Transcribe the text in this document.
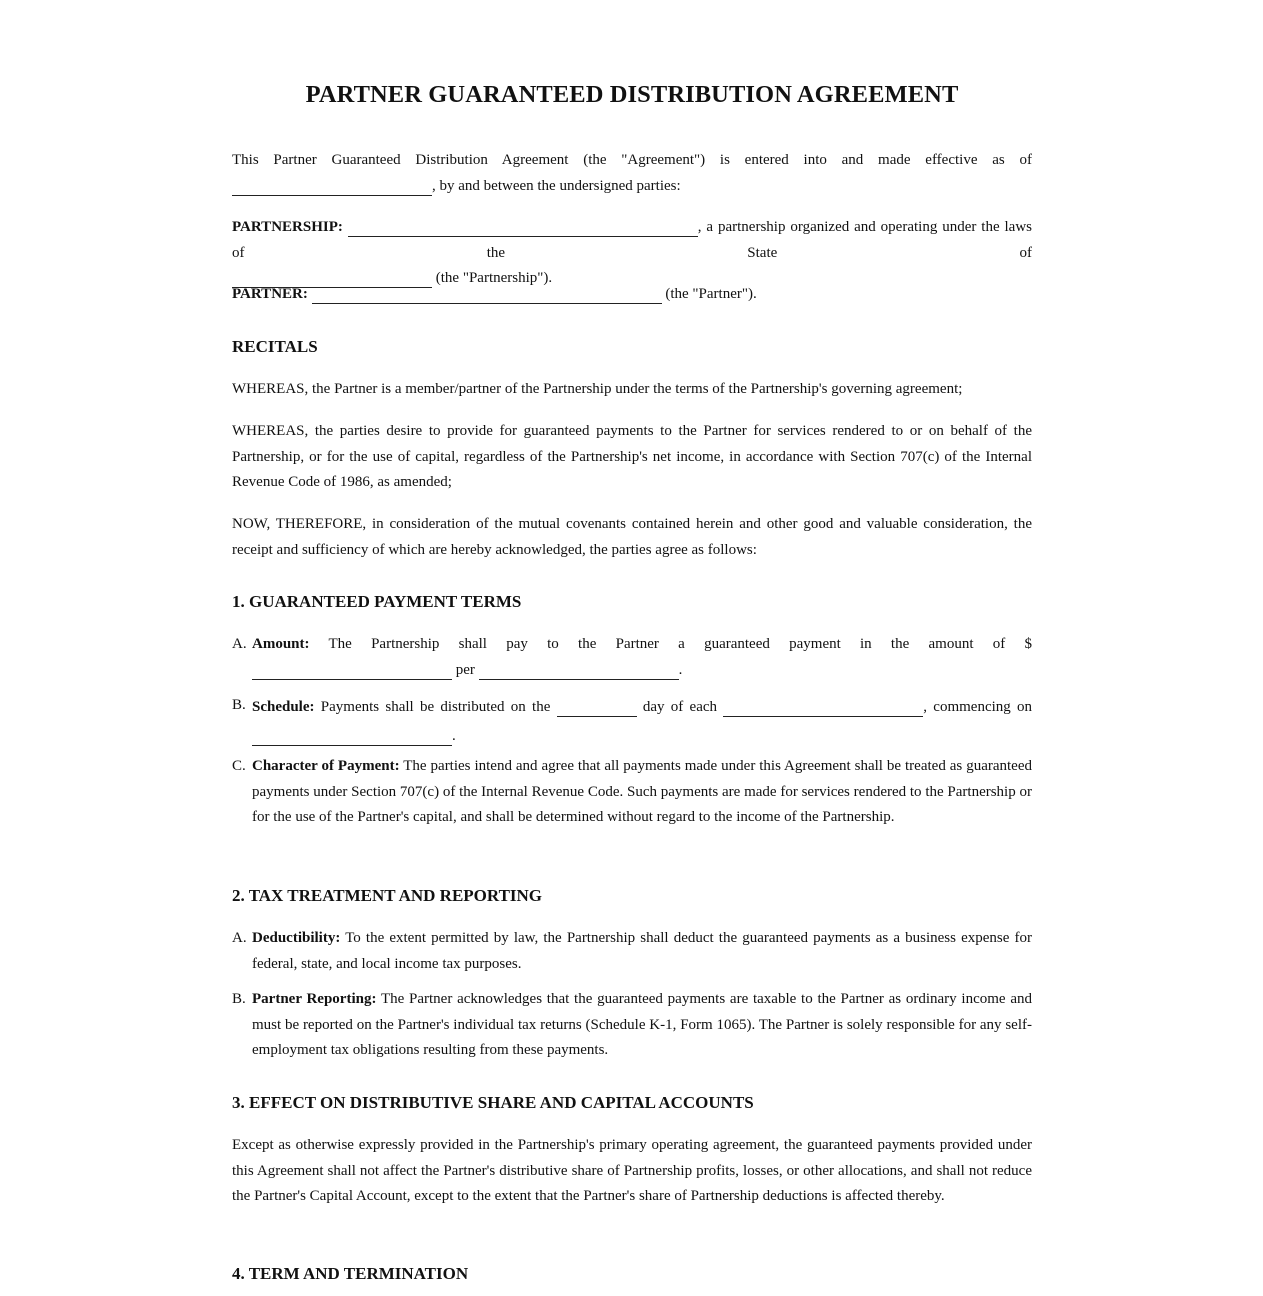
PARTNER GUARANTEED DISTRIBUTION AGREEMENT

This Partner Guaranteed Distribution Agreement (the "Agreement") is entered into and made effective as of

, by and between the undersigned parties:

PARTNERSHIP:	, a partnership organized and operating under the laws of the State of

(the "Partnership").

PARTNER:	(the "Partner").

RECITALS

WHEREAS, the Partner is a member/partner of the Partnership under the terms of the Partnership's governing agreement;

WHEREAS, the parties desire to provide for guaranteed payments to the Partner for services rendered to or on behalf of the Partnership, or for the use of capital, regardless of the Partnership's net income, in accordance with Section 707(c) of the Internal Revenue Code of 1986, as amended;

NOW, THEREFORE, in consideration of the mutual covenants contained herein and other good and valuable consideration, the receipt and sufficiency of which are hereby acknowledged, the parties agree as follows:

1. GUARANTEED PAYMENT TERMS
A. Amount: The Partnership shall pay to the Partner a guaranteed payment in the amount of $

per	.

B. Schedule: Payments shall be distributed on the	day of each	, commencing on

.

C. Character of Payment: The parties intend and agree that all payments made under this Agreement shall be treated as guaranteed payments under Section 707(c) of the Internal Revenue Code. Such payments are made for services rendered to the Partnership or for the use of the Partner's capital, and shall be determined without regard to the income of the Partnership.

2. TAX TREATMENT AND REPORTING
A. Deductibility: To the extent permitted by law, the Partnership shall deduct the guaranteed payments as a business expense for federal, state, and local income tax purposes.

B. Partner Reporting: The Partner acknowledges that the guaranteed payments are taxable to the Partner as ordinary income and must be reported on the Partner's individual tax returns (Schedule K-1, Form 1065). The Partner is solely responsible for any self-employment tax obligations resulting from these payments.

3. EFFECT ON DISTRIBUTIVE SHARE AND CAPITAL ACCOUNTS

Except as otherwise expressly provided in the Partnership's primary operating agreement, the guaranteed payments provided under this Agreement shall not affect the Partner's distributive share of Partnership profits, losses, or other allocations, and shall not reduce the Partner's Capital Account, except to the extent that the Partner's share of Partnership deductions is affected thereby.

4. TERM AND TERMINATION
